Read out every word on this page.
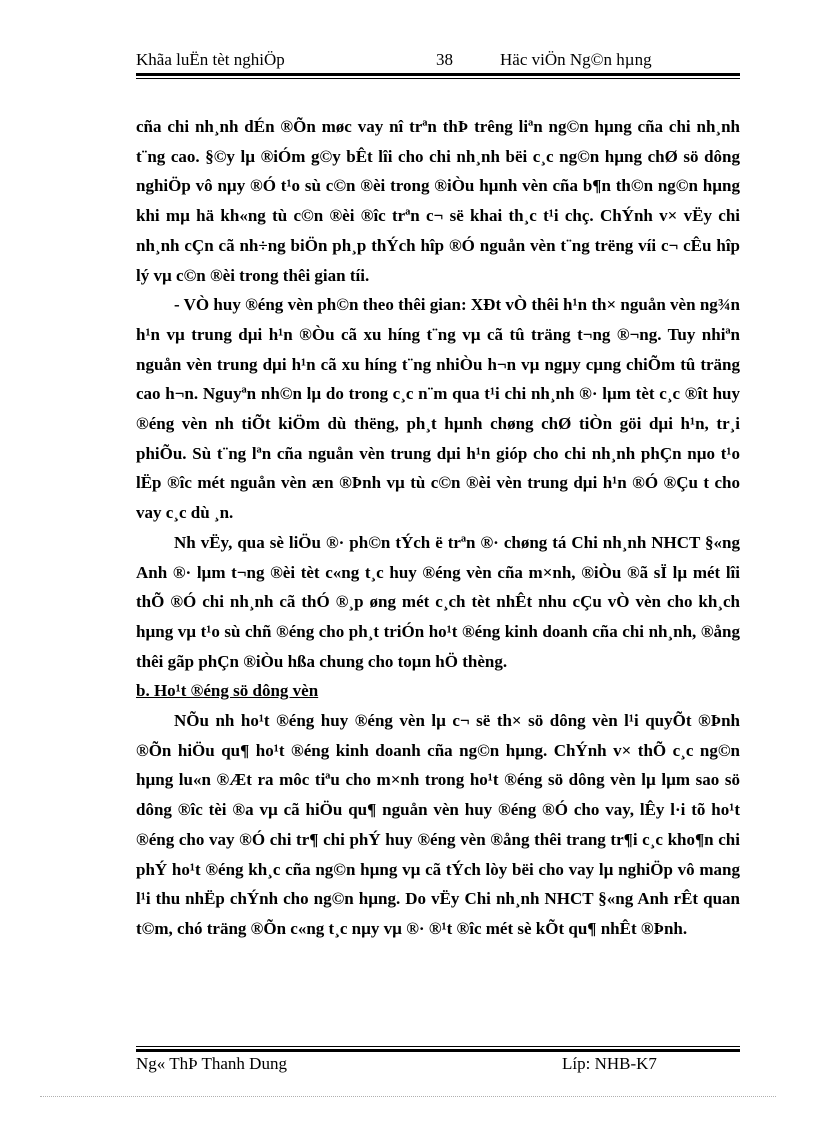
Khãa luËn tèt nghiÖp	38	Häc viÖn Ng©n hµng

cña chi nh¸nh dÉn ®Õn møc vay nî trªn thÞ trêng liªn ng©n hµng cña chi nh¸nh t¨ng cao. §©y lµ ®iÓm g©y bÊt lîi cho chi nh¸nh bëi c¸c ng©n hµng chØ sö dông nghiÖp vô nµy ®Ó t¹o sù c©n ®èi trong ®iÒu hµnh vèn cña b¶n th©n ng©n hµng khi mµ hä kh«ng tù c©n ®èi ®îc trªn c¬ së khai th¸c t¹i chç. ChÝnh v× vËy chi nh¸nh cÇn cã nh÷ng biÖn ph¸p thÝch hîp ®Ó nguån vèn t¨ng trëng víi c¬ cÊu hîp lý vµ c©n ®èi trong thêi gian tíi.

- VÒ huy ®éng vèn ph©n theo thêi gian: XÐt vÒ thêi h¹n th× nguån vèn ng¾n h¹n vµ trung dµi h¹n ®Òu cã xu híng t¨ng vµ cã tû träng t¬ng ®¬ng. Tuy nhiªn nguån vèn trung dµi h¹n cã xu híng t¨ng nhiÒu h¬n vµ ngµy cµng chiÕm tû träng cao h¬n. Nguyªn nh©n lµ do trong c¸c n¨m qua t¹i chi nh¸nh ®· lµm tèt c¸c ®ît huy ®éng vèn nh tiÕt kiÖm dù thëng, ph¸t hµnh chøng chØ tiÒn göi dµi h¹n, tr¸i phiÕu. Sù t¨ng lªn cña nguån vèn trung dµi h¹n gióp cho chi nh¸nh phÇn nµo t¹o lËp ®îc mét nguån vèn æn ®Þnh vµ tù c©n ®èi vèn trung dµi h¹n ®Ó ®Çu t cho vay c¸c dù ¸n.

Nh vËy, qua sè liÖu ®· ph©n tÝch ë trªn ®· chøng tá Chi nh¸nh NHCT §«ng Anh ®· lµm t¬ng ®èi tèt c«ng t¸c huy ®éng vèn cña m×nh, ®iÒu ®ã sÏ lµ mét lîi thÕ ®Ó chi nh¸nh cã thÓ ®¸p øng mét c¸ch tèt nhÊt nhu cÇu vÒ vèn cho kh¸ch hµng vµ t¹o sù chñ ®éng cho ph¸t triÓn ho¹t ®éng kinh doanh cña chi nh¸nh, ®ång thêi gãp phÇn ®iÒu hßa chung cho toµn hÖ thèng.

b. Ho¹t ®éng sö dông vèn

NÕu nh ho¹t ®éng huy ®éng vèn lµ c¬ së th× sö dông vèn l¹i quyÕt ®Þnh ®Õn hiÖu qu¶ ho¹t ®éng kinh doanh cña ng©n hµng. ChÝnh v× thÕ c¸c ng©n hµng lu«n ®Æt ra môc tiªu cho m×nh trong ho¹t ®éng sö dông vèn lµ lµm sao sö dông ®îc tèi ®a vµ cã hiÖu qu¶ nguån vèn huy ®éng ®Ó cho vay, lÊy l·i tõ ho¹t ®éng cho vay ®Ó chi tr¶ chi phÝ huy ®éng vèn ®ång thêi trang tr¶i c¸c kho¶n chi phÝ ho¹t ®éng kh¸c cña ng©n hµng vµ cã tÝch lòy bëi cho vay lµ nghiÖp vô mang l¹i thu nhËp chÝnh cho ng©n hµng. Do vËy Chi nh¸nh NHCT §«ng Anh rÊt quan t©m, chó träng ®Õn c«ng t¸c nµy vµ ®· ®¹t ®îc mét sè kÕt qu¶ nhÊt ®Þnh.

Ng« ThÞ Thanh Dung	Líp: NHB-K7
